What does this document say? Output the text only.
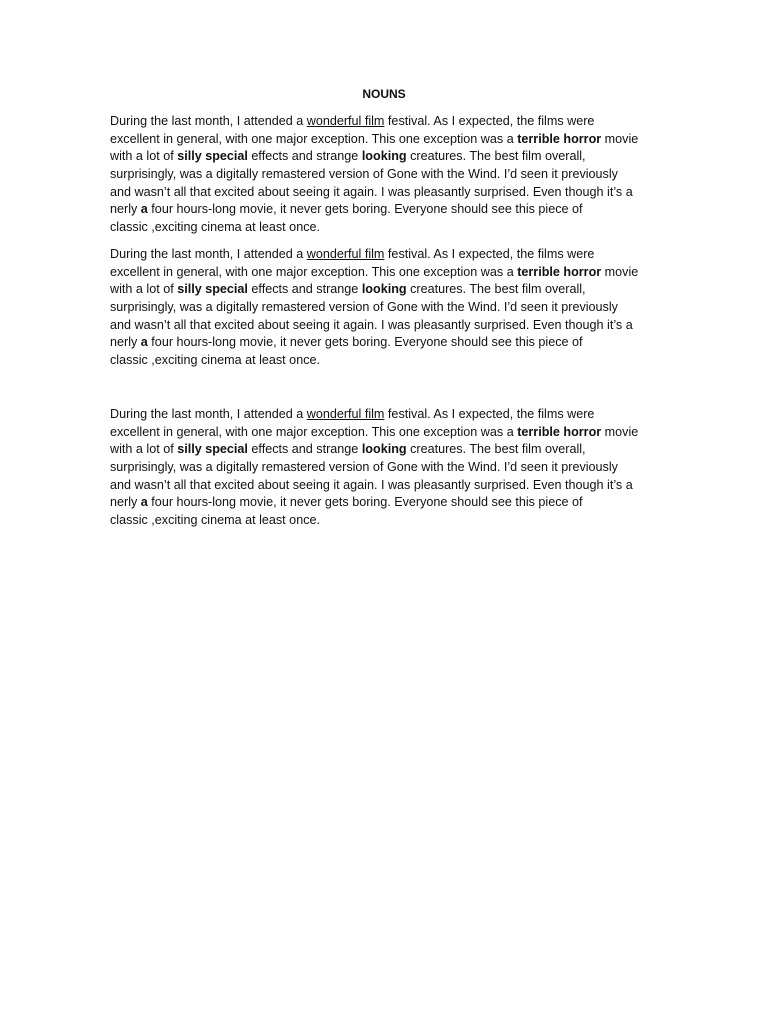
NOUNS
During the last month, I attended a wonderful film festival. As I expected, the films were
excellent in general, with one major exception. This one exception was a terrible horror movie
with a lot of silly special effects and strange looking creatures. The best film overall,
surprisingly, was a digitally remastered version of Gone with the Wind. I’d seen it previously
and wasn’t all that excited about seeing it again. I was pleasantly surprised. Even though it’s a
nerly a four hours-long movie, it never gets boring. Everyone should see this piece of
classic ,exciting cinema at least once.
During the last month, I attended a wonderful film festival. As I expected, the films were
excellent in general, with one major exception. This one exception was a terrible horror movie
with a lot of silly special effects and strange looking creatures. The best film overall,
surprisingly, was a digitally remastered version of Gone with the Wind. I’d seen it previously
and wasn’t all that excited about seeing it again. I was pleasantly surprised. Even though it’s a
nerly a four hours-long movie, it never gets boring. Everyone should see this piece of
classic ,exciting cinema at least once.
During the last month, I attended a wonderful film festival. As I expected, the films were
excellent in general, with one major exception. This one exception was a terrible horror movie
with a lot of silly special effects and strange looking creatures. The best film overall,
surprisingly, was a digitally remastered version of Gone with the Wind. I’d seen it previously
and wasn’t all that excited about seeing it again. I was pleasantly surprised. Even though it’s a
nerly a four hours-long movie, it never gets boring. Everyone should see this piece of
classic ,exciting cinema at least once.
